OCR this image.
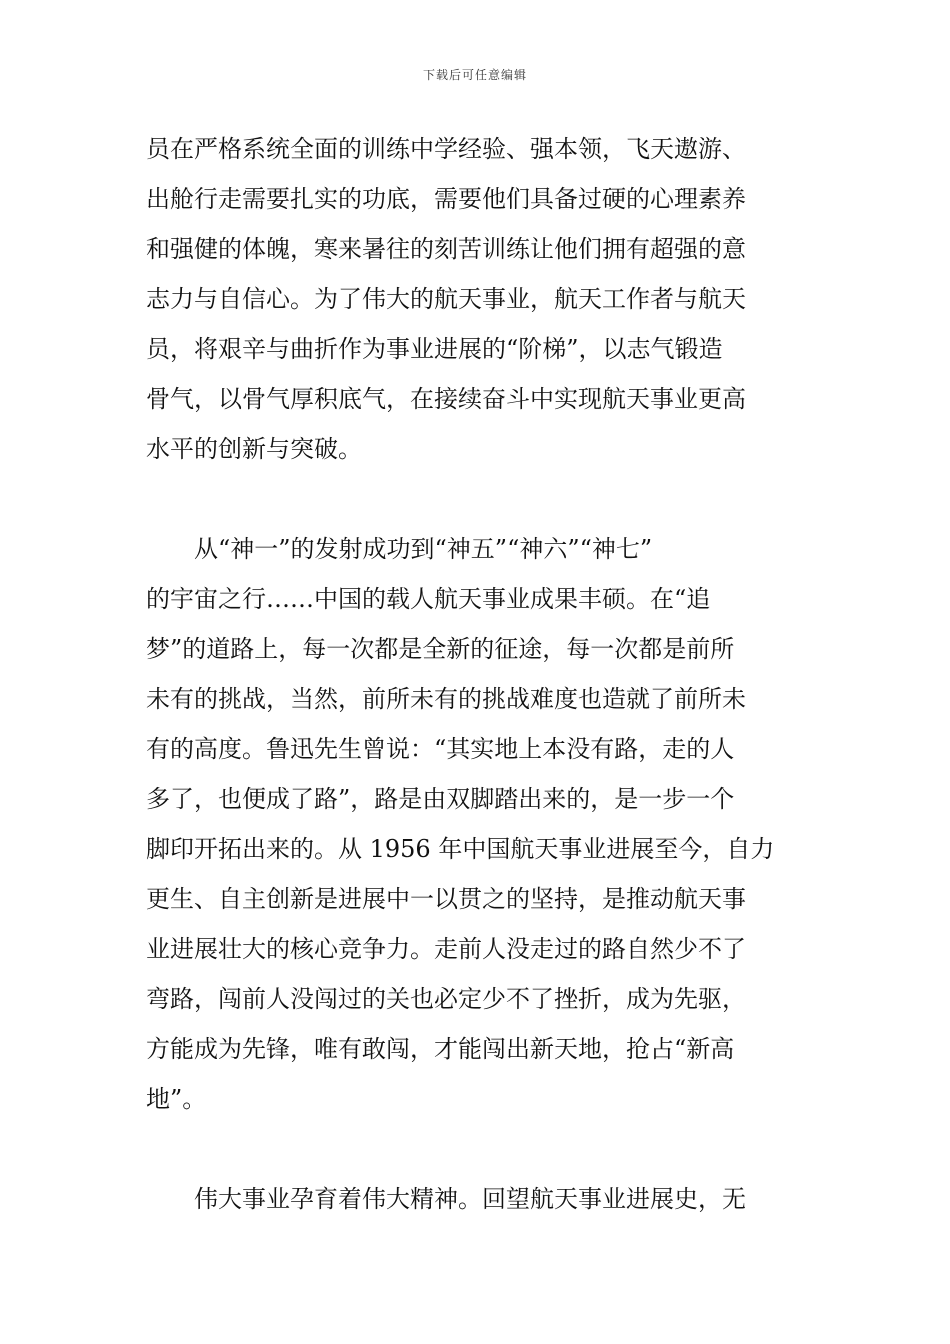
下载后可任意编辑
员在严格系统全面的训练中学经验、强本领，飞天遨游、
出舱行走需要扎实的功底，需要他们具备过硬的心理素养
和强健的体魄，寒来暑往的刻苦训练让他们拥有超强的意
志力与自信心。为了伟大的航天事业，航天工作者与航天
员，将艰辛与曲折作为事业进展的“阶梯”，以志气锻造
骨气，以骨气厚积底气，在接续奋斗中实现航天事业更高
水平的创新与突破。
　　从“神一”的发射成功到“神五”“神六”“神七”
的宇宙之行……中国的载人航天事业成果丰硕。在“追
梦”的道路上，每一次都是全新的征途，每一次都是前所
未有的挑战，当然，前所未有的挑战难度也造就了前所未
有的高度。鲁迅先生曾说：“其实地上本没有路，走的人
多了，也便成了路”，路是由双脚踏出来的，是一步一个
脚印开拓出来的。从 1956 年中国航天事业进展至今，自力
更生、自主创新是进展中一以贯之的坚持，是推动航天事
业进展壮大的核心竞争力。走前人没走过的路自然少不了
弯路，闯前人没闯过的关也必定少不了挫折，成为先驱，
方能成为先锋，唯有敢闯，才能闯出新天地，抢占“新高
地”。
　　伟大事业孕育着伟大精神。回望航天事业进展史，无
